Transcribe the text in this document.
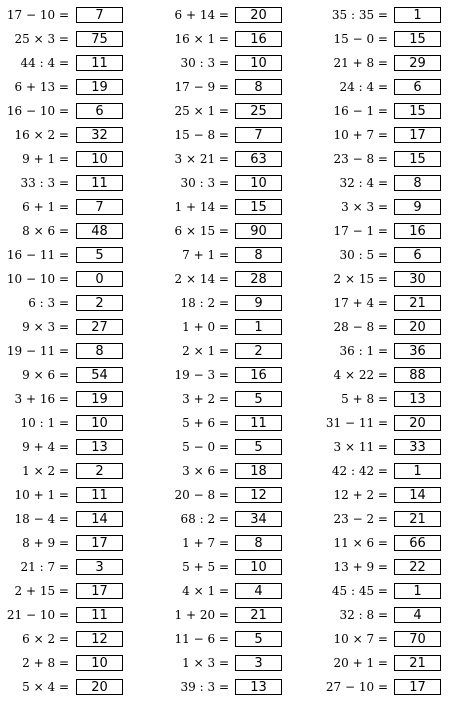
17 − 10 =	7
25 × 3 =	75
44 : 4 =	11
6 + 13 =	19
16 − 10 =	6
16 × 2 =	32
9 + 1 =	10
33 : 3 =	11
6 + 1 =	7
8 × 6 =	48
16 − 11 =	5
10 − 10 =	0
6 : 3 =	2
9 × 3 =	27
19 − 11 =	8
9 × 6 =	54
3 + 16 =	19
10 : 1 =	10
9 + 4 =	13
1 × 2 =	2
10 + 1 =	11
18 − 4 =	14
8 + 9 =	17
21 : 7 =	3
2 + 15 =	17
21 − 10 =	11
6 × 2 =	12
2 + 8 =	10
5 × 4 =	20
6 + 14 =	20
16 × 1 =	16
30 : 3 =	10
17 − 9 =	8
25 × 1 =	25
15 − 8 =	7
3 × 21 =	63
30 : 3 =	10
1 + 14 =	15
6 × 15 =	90
7 + 1 =	8
2 × 14 =	28
18 : 2 =	9
1 + 0 =	1
2 × 1 =	2
19 − 3 =	16
3 + 2 =	5
5 + 6 =	11
5 − 0 =	5
3 × 6 =	18
20 − 8 =	12
68 : 2 =	34
1 + 7 =	8
5 + 5 =	10
4 × 1 =	4
1 + 20 =	21
11 − 6 =	5
1 × 3 =	3
39 : 3 =	13
35 : 35 =	1
15 − 0 =	15
21 + 8 =	29
24 : 4 =	6
16 − 1 =	15
10 + 7 =	17
23 − 8 =	15
32 : 4 =	8
3 × 3 =	9
17 − 1 =	16
30 : 5 =	6
2 × 15 =	30
17 + 4 =	21
28 − 8 =	20
36 : 1 =	36
4 × 22 =	88
5 + 8 =	13
31 − 11 =	20
3 × 11 =	33
42 : 42 =	1
12 + 2 =	14
23 − 2 =	21
11 × 6 =	66
13 + 9 =	22
45 : 45 =	1
32 : 8 =	4
10 × 7 =	70
20 + 1 =	21
27 − 10 =	17
